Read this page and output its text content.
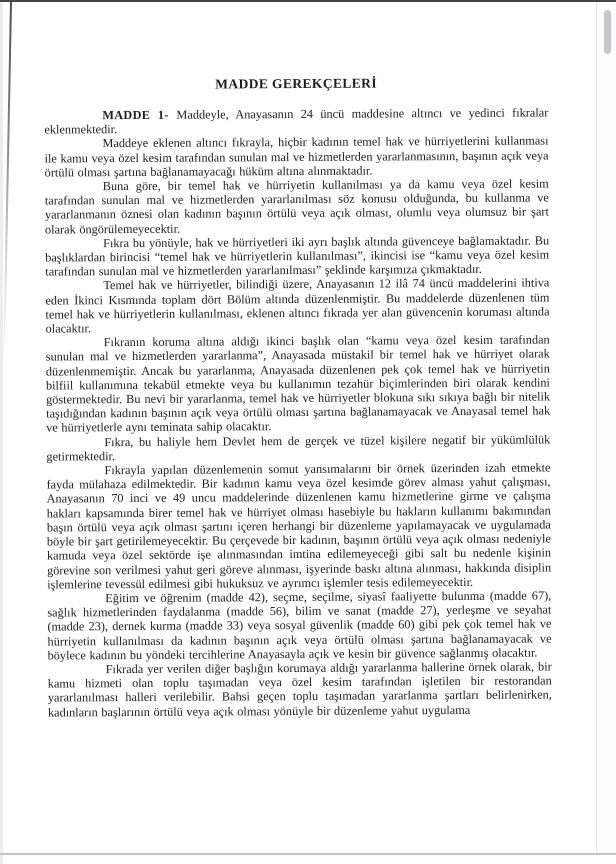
MADDE GEREKÇELERİ

MADDE 1- Maddeyle, Anayasanın 24 üncü maddesine altıncı ve yedinci fıkralar eklenmektedir.

Maddeye eklenen altıncı fıkrayla, hiçbir kadının temel hak ve hürriyetlerini kullanması ile kamu veya özel kesim tarafından sunulan mal ve hizmetlerden yararlanmasının, başının açık veya örtülü olması şartına bağlanamayacağı hüküm altına alınmaktadır.

Buna göre, bir temel hak ve hürriyetin kullanılması ya da kamu veya özel kesim tarafından sunulan mal ve hizmetlerden yararlanılması söz konusu olduğunda, bu kullanma ve yararlanmanın öznesi olan kadının başının örtülü veya açık olması, olumlu veya olumsuz bir şart olarak öngörülemeyecektir.

Fıkra bu yönüyle, hak ve hürriyetleri iki ayrı başlık altında güvenceye bağlamaktadır. Bu başlıklardan birincisi “temel hak ve hürriyetlerin kullanılması”, ikincisi ise “kamu veya özel kesim tarafından sunulan mal ve hizmetlerden yararlanılması” şeklinde karşımıza çıkmaktadır.

Temel hak ve hürriyetler, bilindiği üzere, Anayasanın 12 ilâ 74 üncü maddelerini ihtiva eden İkinci Kısmında toplam dört Bölüm altında düzenlenmiştir. Bu maddelerde düzenlenen tüm temel hak ve hürriyetlerin kullanılması, eklenen altıncı fıkrada yer alan güvencenin koruması altında olacaktır.

Fıkranın koruma altına aldığı ikinci başlık olan “kamu veya özel kesim tarafından sunulan mal ve hizmetlerden yararlanma”, Anayasada müstakil bir temel hak ve hürriyet olarak düzenlenmemiştir. Ancak bu yararlanma, Anayasada düzenlenen pek çok temel hak ve hürriyetin bilfiil kullanımına tekabül etmekte veya bu kullanımın tezahür biçimlerinden biri olarak kendini göstermektedir. Bu nevi bir yararlanma, temel hak ve hürriyetler blokuna sıkı sıkıya bağlı bir nitelik taşıdığından kadının başının açık veya örtülü olması şartına bağlanamayacak ve Anayasal temel hak ve hürriyetlerle aynı teminata sahip olacaktır.

Fıkra, bu haliyle hem Devlet hem de gerçek ve tüzel kişilere negatif bir yükümlülük getirmektedir.

Fıkrayla yapılan düzenlemenin somut yansımalarını bir örnek üzerinden izah etmekte fayda mülahaza edilmektedir. Bir kadının kamu veya özel kesimde görev alması yahut çalışması, Anayasanın 70 inci ve 49 uncu maddelerinde düzenlenen kamu hizmetlerine girme ve çalışma hakları kapsamında birer temel hak ve hürriyet olması hasebiyle bu hakların kullanımı bakımından başın örtülü veya açık olması şartını içeren herhangi bir düzenleme yapılamayacak ve uygulamada böyle bir şart getirilemeyecektir. Bu çerçevede bir kadının, başının örtülü veya açık olması nedeniyle kamuda veya özel sektörde işe alınmasından imtina edilemeyeceği gibi salt bu nedenle kişinin görevine son verilmesi yahut geri göreve alınması, işyerinde baskı altına alınması, hakkında disiplin işlemlerine tevessül edilmesi gibi hukuksuz ve ayrımcı işlemler tesis edilemeyecektir.

Eğitim ve öğrenim (madde 42), seçme, seçilme, siyasî faaliyette bulunma (madde 67), sağlık hizmetlerinden faydalanma (madde 56), bilim ve sanat (madde 27), yerleşme ve seyahat (madde 23), dernek kurma (madde 33) veya sosyal güvenlik (madde 60) gibi pek çok temel hak ve hürriyetin kullanılması da kadının başının açık veya örtülü olması şartına bağlanamayacak ve böylece kadının bu yöndeki tercihlerine Anayasayla açık ve kesin bir güvence sağlanmış olacaktır.

Fıkrada yer verilen diğer başlığın korumaya aldığı yararlanma hallerine örnek olarak, bir kamu hizmeti olan toplu taşımadan veya özel kesim tarafından işletilen bir restorandan yararlanılması halleri verilebilir. Bahsi geçen toplu taşımadan yararlanma şartları belirlenirken, kadınların başlarının örtülü veya açık olması yönüyle bir düzenleme yahut uygulama
